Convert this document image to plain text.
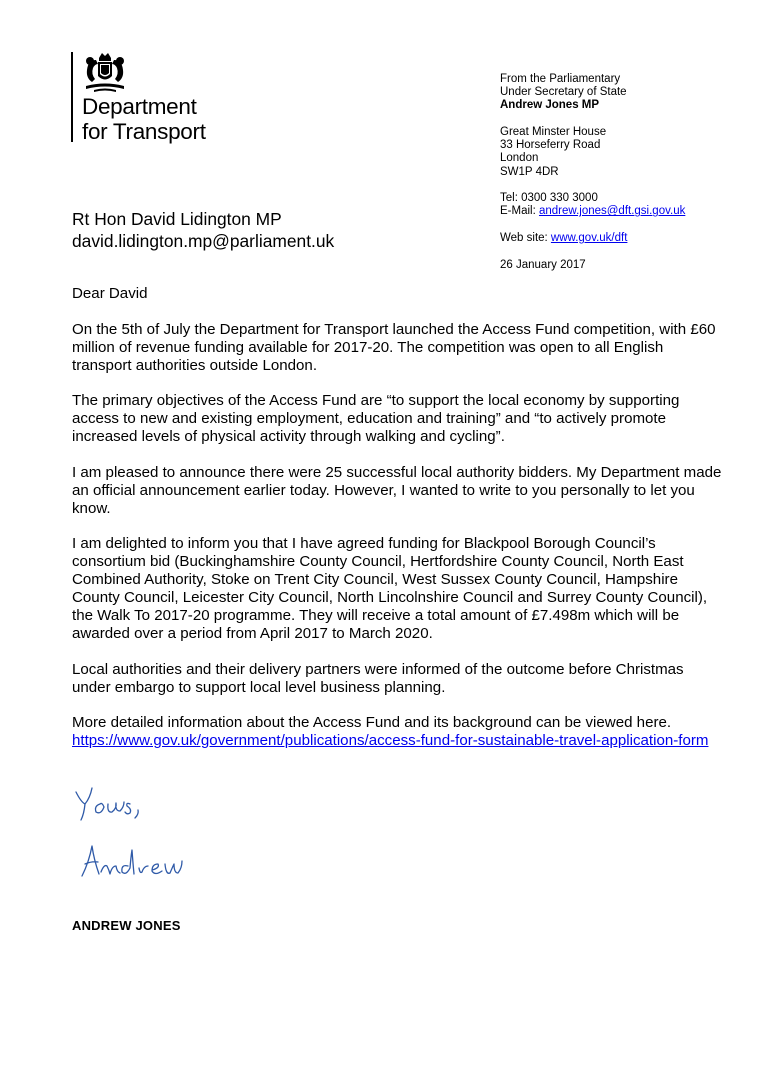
Department
for Transport
From the Parliamentary
Under Secretary of State
Andrew Jones MP
Great Minster House
33 Horseferry Road
London
SW1P 4DR
Tel: 0300 330 3000
E-Mail: andrew.jones@dft.gsi.gov.uk
Web site: www.gov.uk/dft
26 January 2017
Rt Hon David Lidington MP
david.lidington.mp@parliament.uk

Dear David

On the 5th of July the Department for Transport launched the Access Fund competition, with £60 million of revenue funding available for 2017-20. The competition was open to all English transport authorities outside London.

The primary objectives of the Access Fund are “to support the local economy by supporting access to new and existing employment, education and training” and “to actively promote increased levels of physical activity through walking and cycling”.

I am pleased to announce there were 25 successful local authority bidders. My Department made an official announcement earlier today. However, I wanted to write to you personally to let you know.

I am delighted to inform you that I have agreed funding for Blackpool Borough Council’s consortium bid (Buckinghamshire County Council, Hertfordshire County Council, North East Combined Authority, Stoke on Trent City Council, West Sussex County Council, Hampshire County Council, Leicester City Council, North Lincolnshire Council and Surrey County Council), the Walk To 2017-20 programme. They will receive a total amount of £7.498m which will be awarded over a period from April 2017 to March 2020.

Local authorities and their delivery partners were informed of the outcome before Christmas under embargo to support local level business planning.

More detailed information about the Access Fund and its background can be viewed here.
https://www.gov.uk/government/publications/access-fund-for-sustainable-travel-application-form

ANDREW JONES
